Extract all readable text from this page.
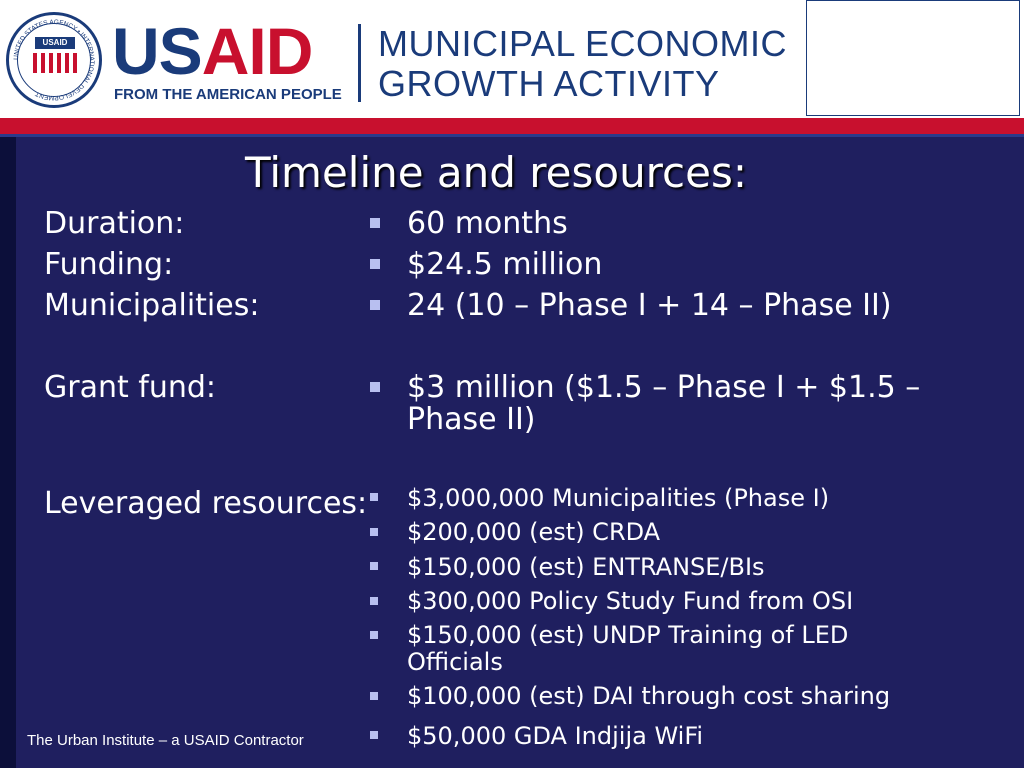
UNITED STATES AGENCY • INTERNATIONAL DEVELOPMENT
USAID USAID
FROM THE AMERICAN PEOPLE
MUNICIPAL ECONOMIC
GROWTH ACTIVITY
Timeline and resources:
Duration:	60 months
Funding:	$24.5 million
Municipalities:	24 (10 – Phase I + 14 – Phase II)
Grant fund:	$3 million ($1.5 – Phase I + $1.5 – Phase II)
Leveraged resources: $3,000,000 Municipalities (Phase I)
$200,000 (est) CRDA
$150,000 (est) ENTRANSE/BIs
$300,000 Policy Study Fund from OSI
$150,000 (est) UNDP Training of LED Officials
$100,000 (est) DAI through cost sharing
$50,000 GDA Indjija WiFi
The Urban Institute – a USAID Contractor
